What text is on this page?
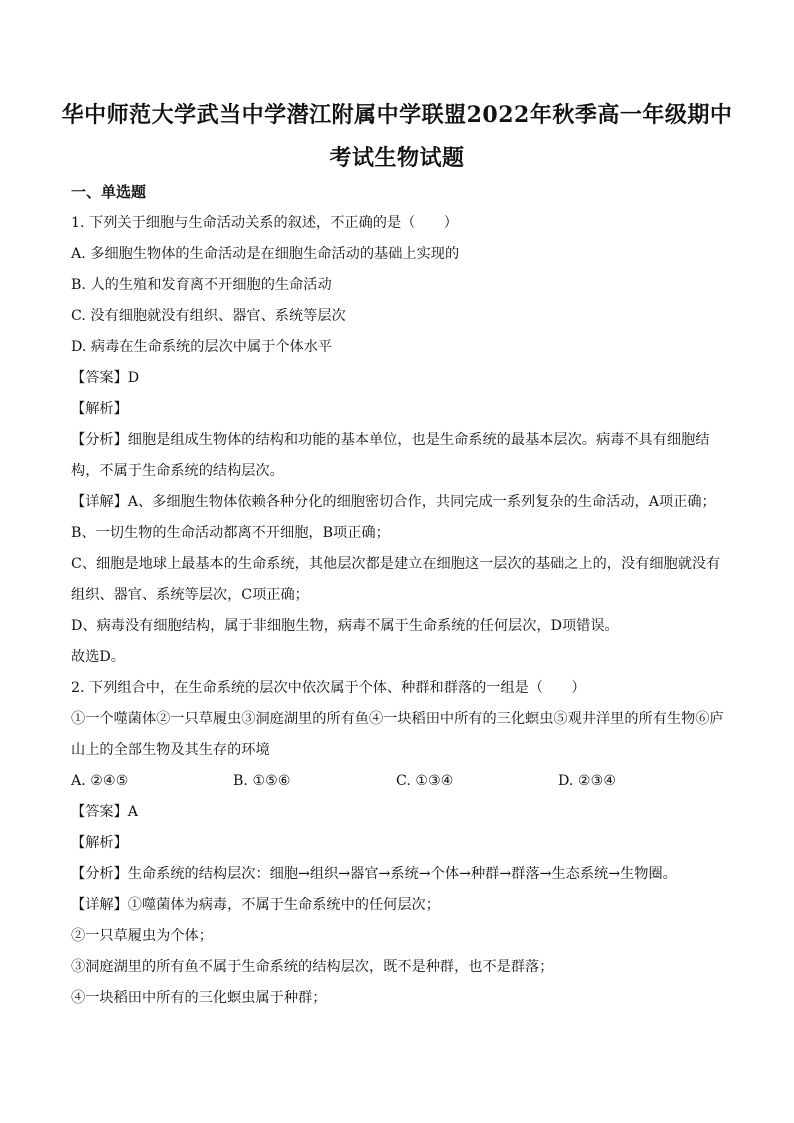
华中师范大学武当中学潜江附属中学联盟2022年秋季高一年级期中
考试生物试题
一、单选题
1. 下列关于细胞与生命活动关系的叙述，不正确的是（　　）
A. 多细胞生物体的生命活动是在细胞生命活动的基础上实现的
B. 人的生殖和发育离不开细胞的生命活动
C. 没有细胞就没有组织、器官、系统等层次
D. 病毒在生命系统的层次中属于个体水平
【答案】D
【解析】
【分析】细胞是组成生物体的结构和功能的基本单位，也是生命系统的最基本层次。病毒不具有细胞结
构，不属于生命系统的结构层次。
【详解】A、多细胞生物体依赖各种分化的细胞密切合作，共同完成一系列复杂的生命活动，A项正确；
B、一切生物的生命活动都离不开细胞，B项正确；
C、细胞是地球上最基本的生命系统，其他层次都是建立在细胞这一层次的基础之上的，没有细胞就没有
组织、器官、系统等层次，C项正确；
D、病毒没有细胞结构，属于非细胞生物，病毒不属于生命系统的任何层次，D项错误。
故选D。
2. 下列组合中，在生命系统的层次中依次属于个体、种群和群落的一组是（　　）
①一个噬菌体②一只草履虫③洞庭湖里的所有鱼④一块稻田中所有的三化螟虫⑤观井洋里的所有生物⑥庐
山上的全部生物及其生存的环境
A. ②④⑤	B. ①⑤⑥	C. ①③④	D. ②③④
【答案】A
【解析】
【分析】生命系统的结构层次：细胞→组织→器官→系统→个体→种群→群落→生态系统→生物圈。
【详解】①噬菌体为病毒，不属于生命系统中的任何层次；
②一只草履虫为个体；
③洞庭湖里的所有鱼不属于生命系统的结构层次，既不是种群，也不是群落；
④一块稻田中所有的三化螟虫属于种群；
